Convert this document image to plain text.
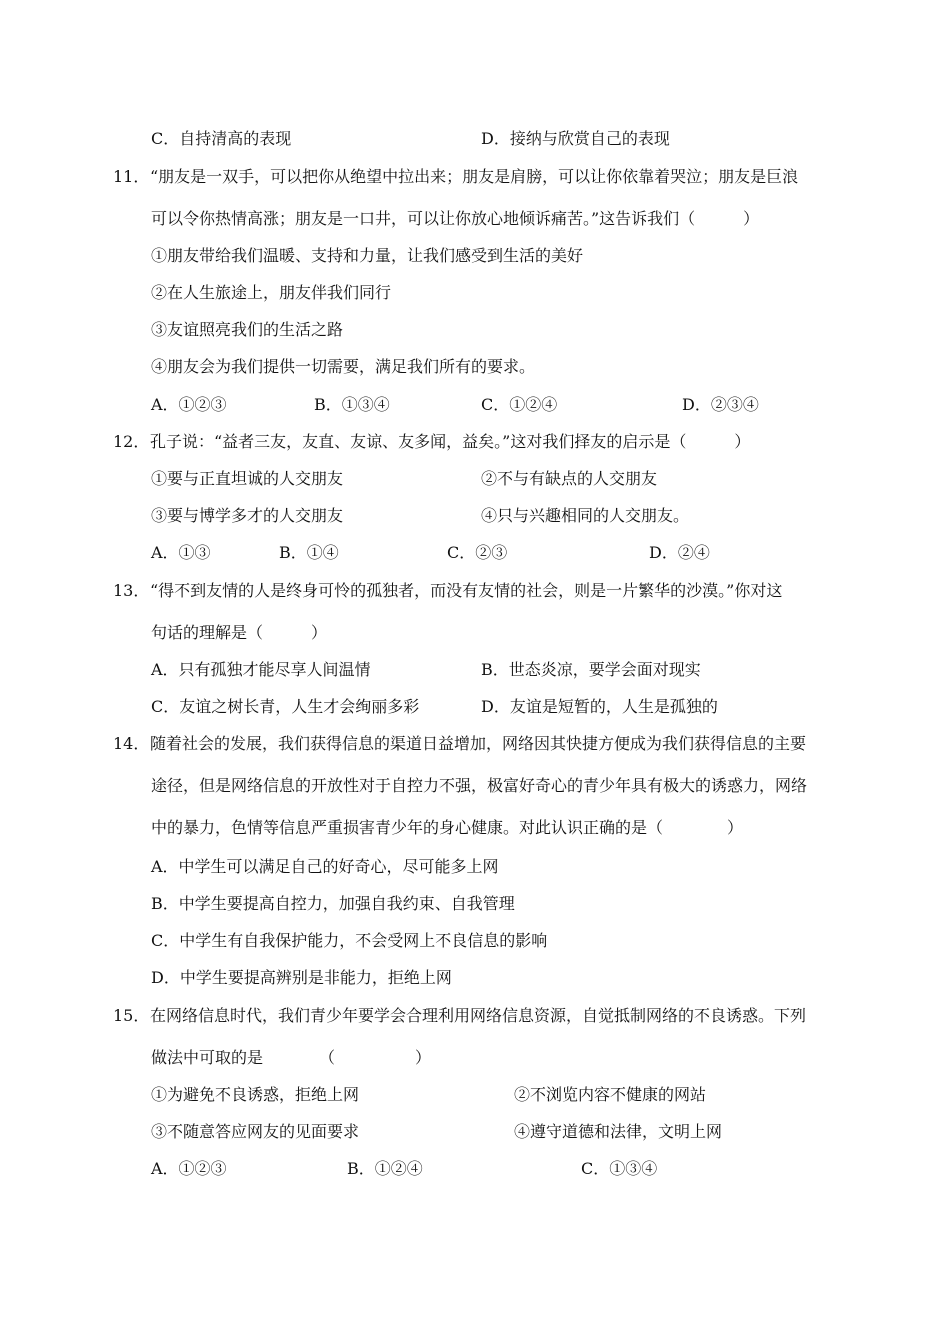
C．自持清高的表现	D．接纳与欣赏自己的表现
11． “朋友是一双手，可以把你从绝望中拉出来；朋友是肩膀，可以让你依靠着哭泣；朋友是巨浪
可以令你热情高涨；朋友是一口井，可以让你放心地倾诉痛苦。”这告诉我们（　　　）
①朋友带给我们温暖、支持和力量，让我们感受到生活的美好
②在人生旅途上，朋友伴我们同行
③友谊照亮我们的生活之路
④朋友会为我们提供一切需要，满足我们所有的要求。
A．①②③	B．①③④	C．①②④	D．②③④
12． 孔子说：“益者三友，友直、友谅、友多闻，益矣。”这对我们择友的启示是（　　　）
①要与正直坦诚的人交朋友	②不与有缺点的人交朋友
③要与博学多才的人交朋友	④只与兴趣相同的人交朋友。
A．①③	B．①④	C．②③	D．②④
13． “得不到友情的人是终身可怜的孤独者，而没有友情的社会，则是一片繁华的沙漠。”你对这
句话的理解是（　　　）
A．只有孤独才能尽享人间温情	B．世态炎凉，要学会面对现实
C．友谊之树长青，人生才会绚丽多彩	D．友谊是短暂的，人生是孤独的
14． 随着社会的发展，我们获得信息的渠道日益增加，网络因其快捷方便成为我们获得信息的主要
途径，但是网络信息的开放性对于自控力不强，极富好奇心的青少年具有极大的诱惑力，网络
中的暴力，色情等信息严重损害青少年的身心健康。对此认识正确的是（　　　　）
A．中学生可以满足自己的好奇心，尽可能多上网
B．中学生要提高自控力，加强自我约束、自我管理
C．中学生有自我保护能力，不会受网上不良信息的影响
D．中学生要提高辨别是非能力，拒绝上网
15． 在网络信息时代，我们青少年要学会合理利用网络信息资源，自觉抵制网络的不良诱惑。下列
做法中可取的是　　　　（　　　　　）
①为避免不良诱惑，拒绝上网	②不浏览内容不健康的网站
③不随意答应网友的见面要求	④遵守道德和法律，文明上网
A．①②③	B．①②④	C．①③④
